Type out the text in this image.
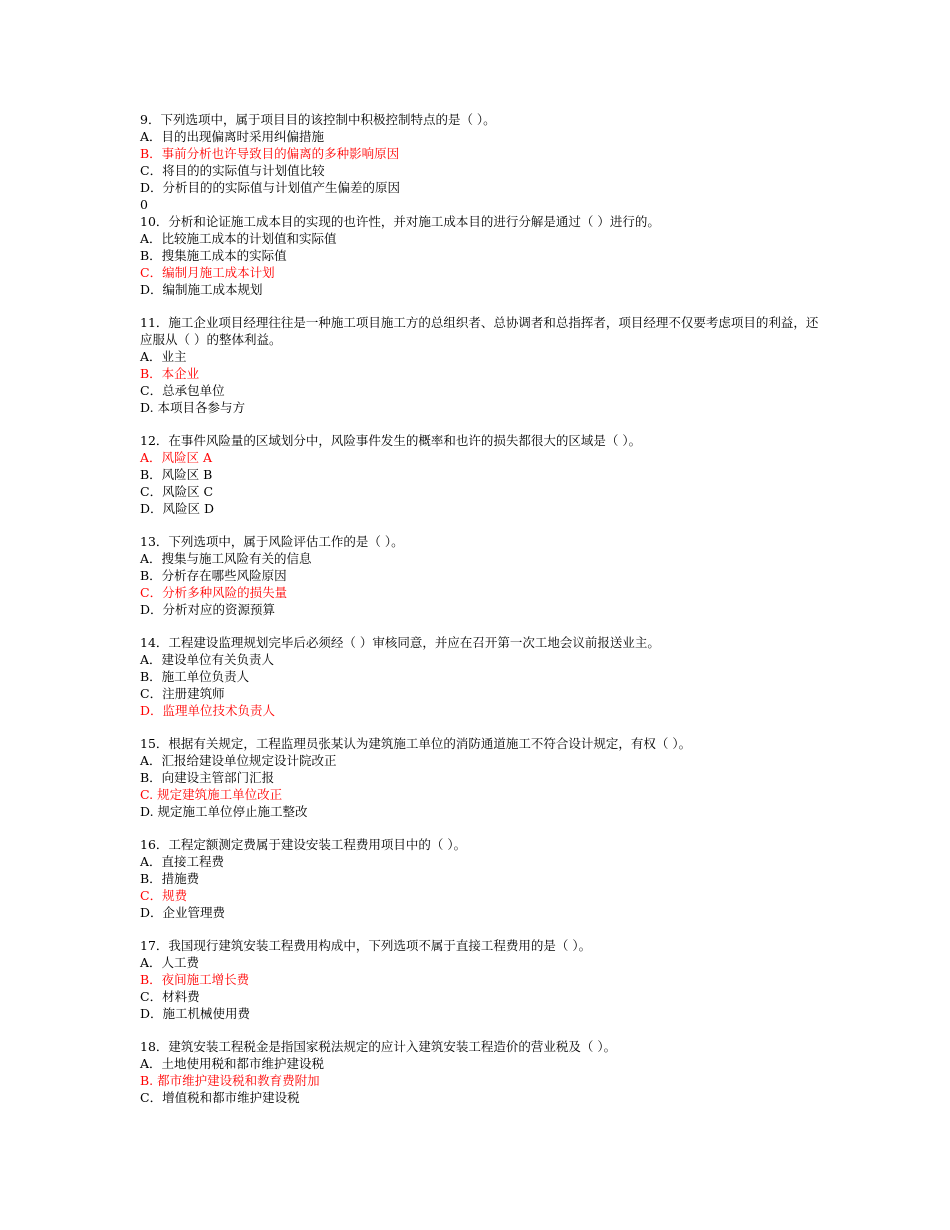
9．下列选项中，属于项目目的该控制中积极控制特点的是（ ）。
A．目的出现偏离时采用纠偏措施
B．事前分析也许导致目的偏离的多种影响原因
C．将目的的实际值与计划值比较
D．分析目的的实际值与计划值产生偏差的原因
0
10．分析和论证施工成本目的实现的也许性，并对施工成本目的进行分解是通过（ ）进行的。
A．比较施工成本的计划值和实际值
B．搜集施工成本的实际值
C．编制月施工成本计划
D．编制施工成本规划
11．施工企业项目经理往往是一种施工项目施工方的总组织者、总协调者和总指挥者，项目经理不仅要考虑项目的利益，还应服从（ ）的整体利益。
A．业主
B．本企业
C．总承包单位
D. 本项目各参与方
12．在事件风险量的区域划分中，风险事件发生的概率和也许的损失都很大的区域是（ ）。
A．风险区 A
B．风险区 B
C．风险区 C
D．风险区 D
13．下列选项中，属于风险评估工作的是（ ）。
A．搜集与施工风险有关的信息
B．分析存在哪些风险原因
C．分析多种风险的损失量
D．分析对应的资源预算
14．工程建设监理规划完毕后必须经（ ）审核同意，并应在召开第一次工地会议前报送业主。
A．建设单位有关负责人
B．施工单位负责人
C．注册建筑师
D．监理单位技术负责人
15．根据有关规定，工程监理员张某认为建筑施工单位的消防通道施工不符合设计规定，有权（ ）。
A．汇报给建设单位规定设计院改正
B．向建设主管部门汇报
C. 规定建筑施工单位改正
D. 规定施工单位停止施工整改
16．工程定额测定费属于建设安装工程费用项目中的（ ）。
A．直接工程费
B．措施费
C．规费
D．企业管理费
17．我国现行建筑安装工程费用构成中，下列选项不属于直接工程费用的是（ ）。
A．人工费
B．夜间施工增长费
C．材料费
D．施工机械使用费
18．建筑安装工程税金是指国家税法规定的应计入建筑安装工程造价的营业税及（ ）。
A．土地使用税和都市维护建设税
B. 都市维护建设税和教育费附加
C．增值税和都市维护建设税
